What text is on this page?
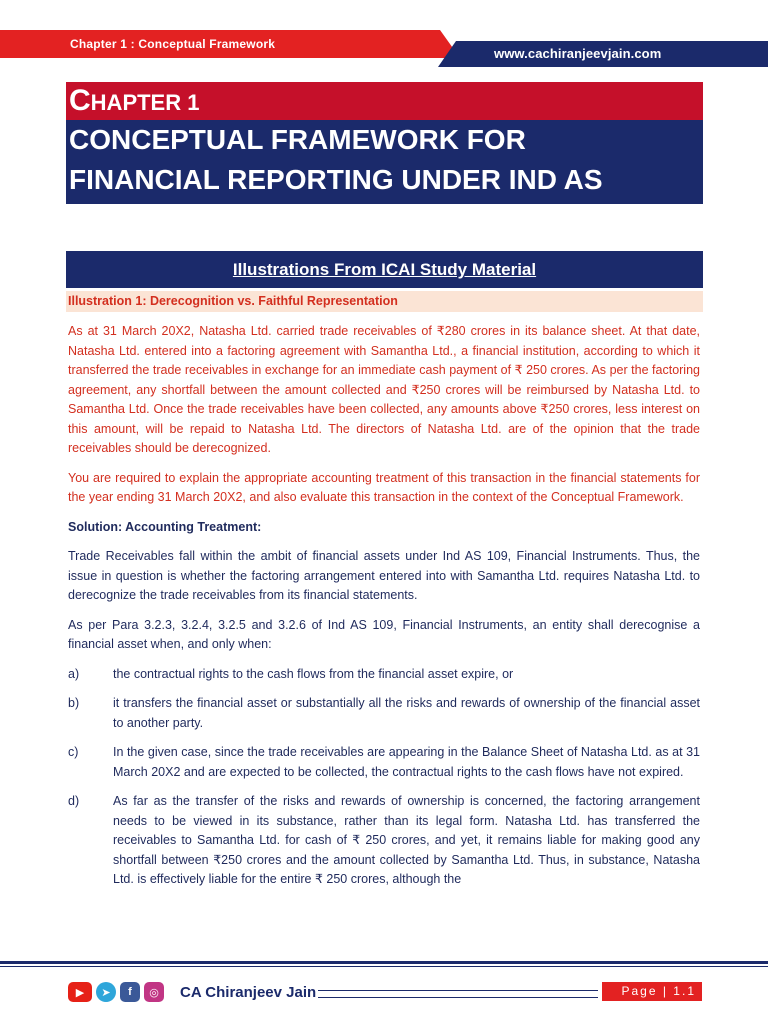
Chapter 1 : Conceptual Framework
www.cachiranjeevjain.com
CHAPTER 1
CONCEPTUAL FRAMEWORK FOR
FINANCIAL REPORTING UNDER IND AS
Illustrations From ICAI Study Material
Illustration 1: Derecognition vs. Faithful Representation

As at 31 March 20X2, Natasha Ltd. carried trade receivables of ₹280 crores in its balance sheet. At that date, Natasha Ltd. entered into a factoring agreement with Samantha Ltd., a financial institution, according to which it transferred the trade receivables in exchange for an immediate cash payment of ₹ 250 crores. As per the factoring agreement, any shortfall between the amount collected and ₹250 crores will be reimbursed by Natasha Ltd. to Samantha Ltd. Once the trade receivables have been collected, any amounts above ₹250 crores, less interest on this amount, will be repaid to Natasha Ltd. The directors of Natasha Ltd. are of the opinion that the trade receivables should be derecognized.

You are required to explain the appropriate accounting treatment of this transaction in the financial statements for the year ending 31 March 20X2, and also evaluate this transaction in the context of the Conceptual Framework.

Solution: Accounting Treatment:

Trade Receivables fall within the ambit of financial assets under Ind AS 109, Financial Instruments. Thus, the issue in question is whether the factoring arrangement entered into with Samantha Ltd. requires Natasha Ltd. to derecognize the trade receivables from its financial statements.

As per Para 3.2.3, 3.2.4, 3.2.5 and 3.2.6 of Ind AS 109, Financial Instruments, an entity shall derecognise a financial asset when, and only when:

a)	the contractual rights to the cash flows from the financial asset expire, or
b)	it transfers the financial asset or substantially all the risks and rewards of ownership of the financial asset to another party.
c)	In the given case, since the trade receivables are appearing in the Balance Sheet of Natasha Ltd. as at 31 March 20X2 and are expected to be collected, the contractual rights to the cash flows have not expired.
d)	As far as the transfer of the risks and rewards of ownership is concerned, the factoring arrangement needs to be viewed in its substance, rather than its legal form. Natasha Ltd. has transferred the receivables to Samantha Ltd. for cash of ₹ 250 crores, and yet, it remains liable for making good any shortfall between ₹250 crores and the amount collected by Samantha Ltd. Thus, in substance, Natasha Ltd. is effectively liable for the entire ₹ 250 crores, although the
▶	➤	f	◎	CA Chiranjeev Jain	Page | 1.1
